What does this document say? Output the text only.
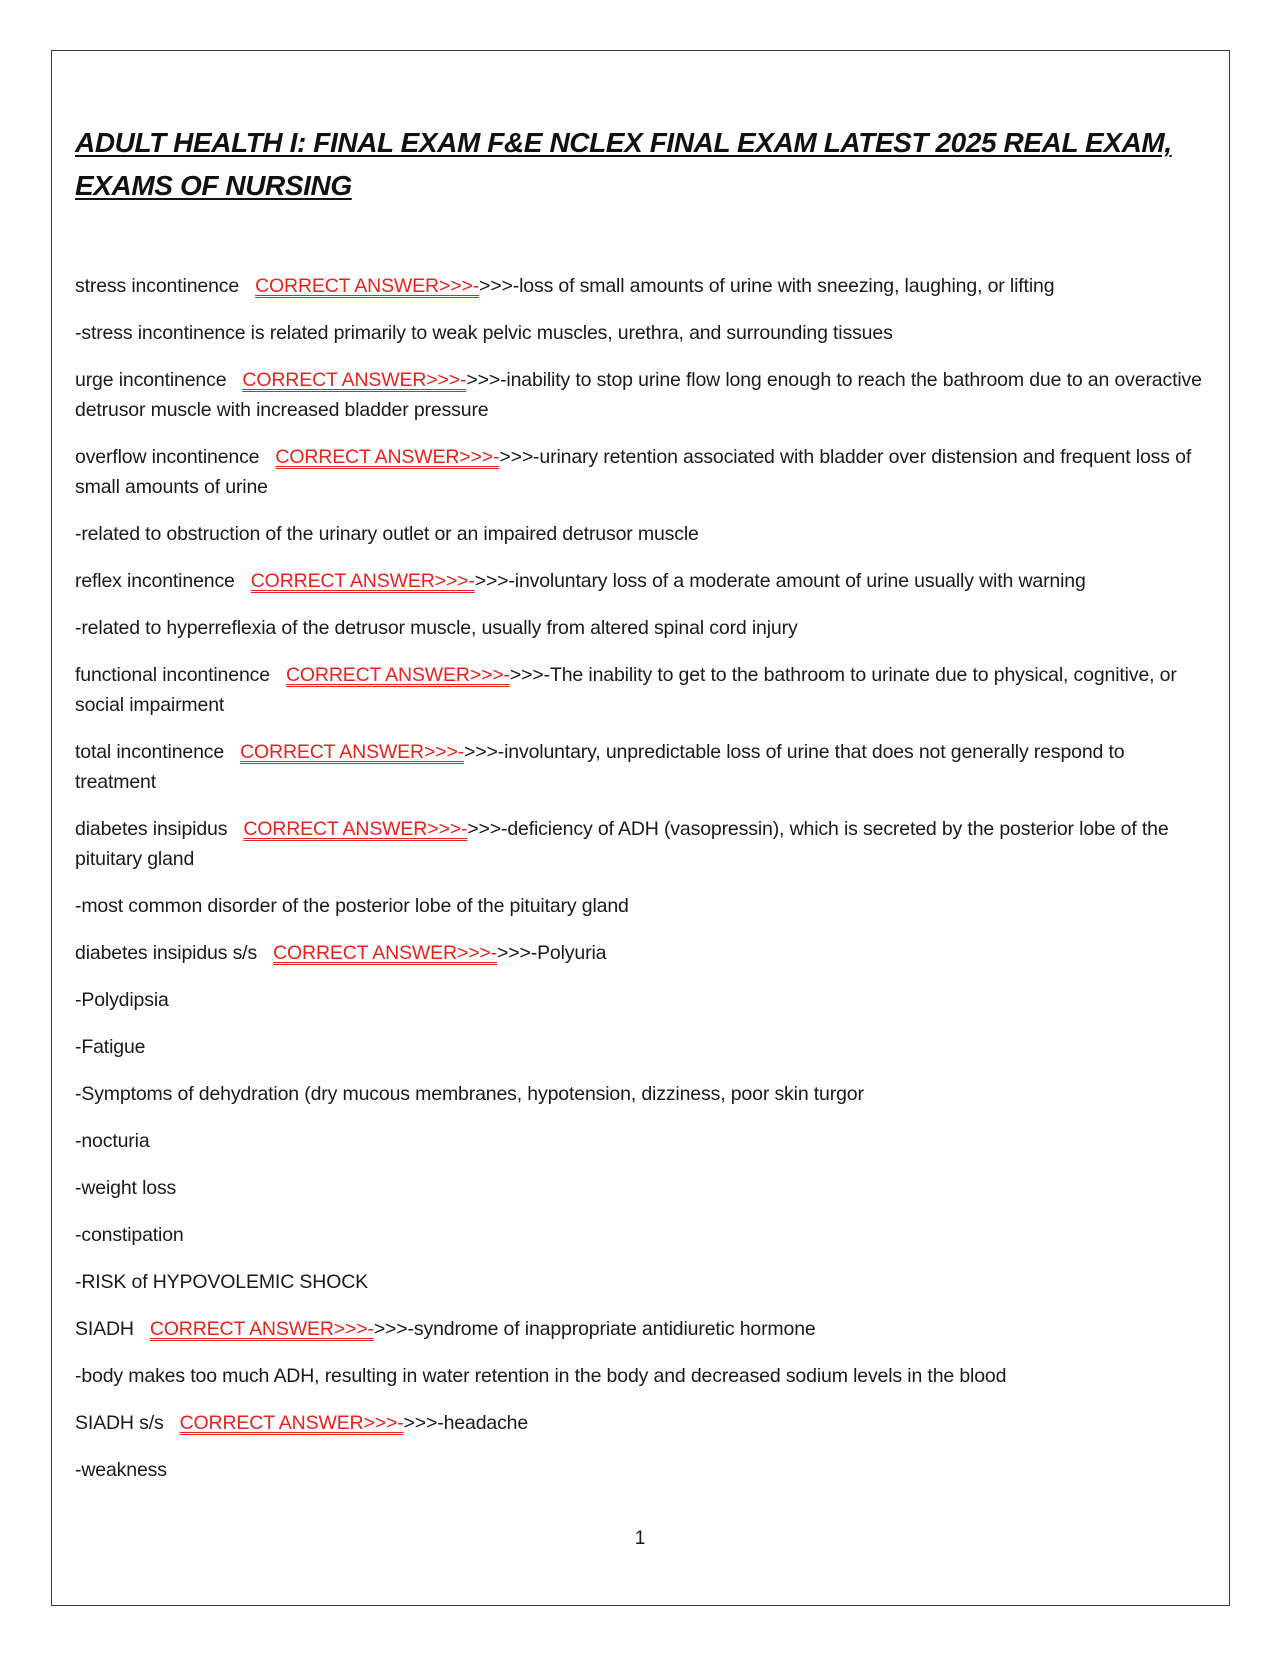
ADULT HEALTH I: FINAL EXAM F&E NCLEX FINAL EXAM LATEST 2025 REAL EXAM, EXAMS OF NURSING

stress incontinence CORRECT ANSWER>>>->>>-loss of small amounts of urine with sneezing, laughing, or lifting

-stress incontinence is related primarily to weak pelvic muscles, urethra, and surrounding tissues

urge incontinence CORRECT ANSWER>>>->>>-inability to stop urine flow long enough to reach the bathroom due to an overactive detrusor muscle with increased bladder pressure

overflow incontinence CORRECT ANSWER>>>->>>-urinary retention associated with bladder over distension and frequent loss of small amounts of urine

-related to obstruction of the urinary outlet or an impaired detrusor muscle

reflex incontinence CORRECT ANSWER>>>->>>-involuntary loss of a moderate amount of urine usually with warning

-related to hyperreflexia of the detrusor muscle, usually from altered spinal cord injury

functional incontinence CORRECT ANSWER>>>->>>-The inability to get to the bathroom to urinate due to physical, cognitive, or social impairment

total incontinence CORRECT ANSWER>>>->>>-involuntary, unpredictable loss of urine that does not generally respond to treatment

diabetes insipidus CORRECT ANSWER>>>->>>-deficiency of ADH (vasopressin), which is secreted by the posterior lobe of the pituitary gland

-most common disorder of the posterior lobe of the pituitary gland

diabetes insipidus s/s CORRECT ANSWER>>>->>>-Polyuria

-Polydipsia

-Fatigue

-Symptoms of dehydration (dry mucous membranes, hypotension, dizziness, poor skin turgor

-nocturia

-weight loss

-constipation

-RISK of HYPOVOLEMIC SHOCK

SIADH CORRECT ANSWER>>>->>>-syndrome of inappropriate antidiuretic hormone

-body makes too much ADH, resulting in water retention in the body and decreased sodium levels in the blood

SIADH s/s CORRECT ANSWER>>>->>>-headache

-weakness

1
